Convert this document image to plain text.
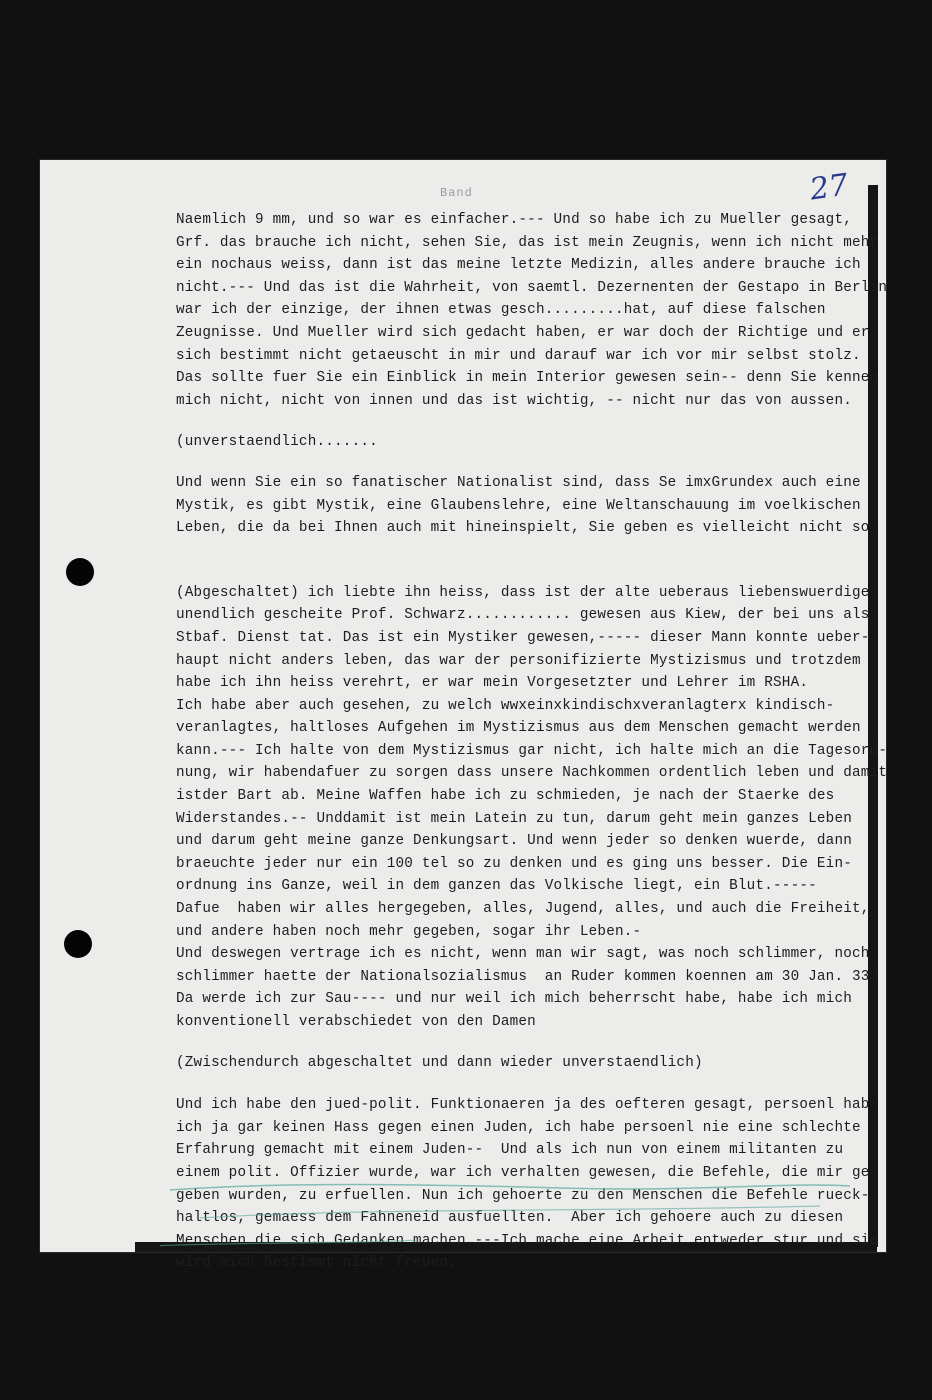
Band	27
Naemlich 9 mm, und so war es einfacher.--- Und so habe ich zu Mueller gesagt,
Grf. das brauche ich nicht, sehen Sie, das ist mein Zeugnis, wenn ich nicht mehr
ein nochaus weiss, dann ist das meine letzte Medizin, alles andere brauche ich
nicht.--- Und das ist die Wahrheit, von saemtl. Dezernenten der Gestapo in Berlin
war ich der einzige, der ihnen etwas gesch.........hat, auf diese falschen
Zeugnisse. Und Mueller wird sich gedacht haben, er war doch der Richtige und er
sich bestimmt nicht getaeuscht in mir und darauf war ich vor mir selbst stolz.
Das sollte fuer Sie ein Einblick in mein Interior gewesen sein-- denn Sie kennen
mich nicht, nicht von innen und das ist wichtig, -- nicht nur das von aussen.
(unverstaendlich.......
Und wenn Sie ein so fanatischer Nationalist sind, dass Se imxGrundex auch eine
Mystik, es gibt Mystik, eine Glaubenslehre, eine Weltanschauung im voelkischen
Leben, die da bei Ihnen auch mit hineinspielt, Sie geben es vielleicht nicht so.
(Abgeschaltet) ich liebte ihn heiss, dass ist der alte ueberaus liebenswuerdige
unendlich gescheite Prof. Schwarz............ gewesen aus Kiew, der bei uns als
Stbaf. Dienst tat. Das ist ein Mystiker gewesen,----- dieser Mann konnte ueber-
haupt nicht anders leben, das war der personifizierte Mystizismus und trotzdem
habe ich ihn heiss verehrt, er war mein Vorgesetzter und Lehrer im RSHA.
Ich habe aber auch gesehen, zu welch wwxeinxkindischxveranlagterx kindisch-
veranlagtes, haltloses Aufgehen im Mystizismus aus dem Menschen gemacht werden
kann.--- Ich halte von dem Mystizismus gar nicht, ich halte mich an die Tagesord-
nung, wir habendafuer zu sorgen dass unsere Nachkommen ordentlich leben und damit
istder Bart ab. Meine Waffen habe ich zu schmieden, je nach der Staerke des
Widerstandes.-- Unddamit ist mein Latein zu tun, darum geht mein ganzes Leben
und darum geht meine ganze Denkungsart. Und wenn jeder so denken wuerde, dann
braeuchte jeder nur ein 100 tel so zu denken und es ging uns besser. Die Ein-
ordnung ins Ganze, weil in dem ganzen das Volkische liegt, ein Blut.-----
Dafue  haben wir alles hergegeben, alles, Jugend, alles, und auch die Freiheit,
und andere haben noch mehr gegeben, sogar ihr Leben.-
Und deswegen vertrage ich es nicht, wenn man wir sagt, was noch schlimmer, noch
schlimmer haette der Nationalsozialismus  an Ruder kommen koennen am 30 Jan. 33?
Da werde ich zur Sau---- und nur weil ich mich beherrscht habe, habe ich mich
konventionell verabschiedet von den Damen
(Zwischendurch abgeschaltet und dann wieder unverstaendlich)
Und ich habe den jued-polit. Funktionaeren ja des oefteren gesagt, persoenl habe
ich ja gar keinen Hass gegen einen Juden, ich habe persoenl nie eine schlechte
Erfahrung gemacht mit einem Juden--  Und als ich nun von einem militanten zu
einem polit. Offizier wurde, war ich verhalten gewesen, die Befehle, die mir ge-
geben wurden, zu erfuellen. Nun ich gehoerte zu den Menschen die Befehle rueck-
haltlos, gemaess dem Fahneneid ausfuellten.  Aber ich gehoere auch zu diesen
Menschen die sich Gedanken machen.---Ich mache eine Arbeit entweder stur und sie
wird mich bestimmt nicht freuen.
